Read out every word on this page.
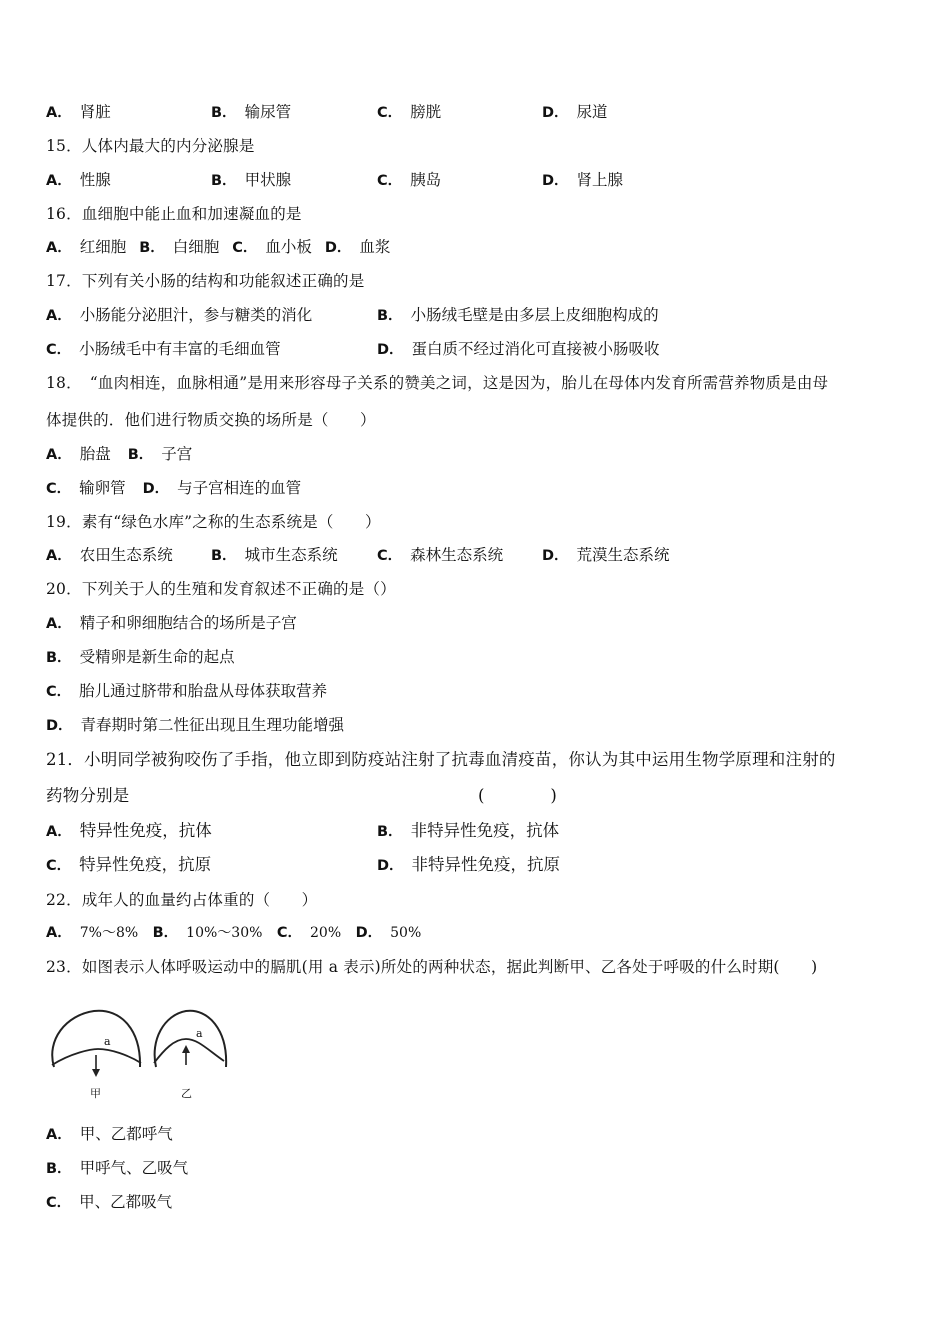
A． 肾脏	B． 输尿管	C． 膀胱	D． 尿道
15．人体内最大的内分泌腺是
A． 性腺	B． 甲状腺	C． 胰岛	D． 肾上腺
16．血细胞中能止血和加速凝血的是
A． 红细胞 B． 白细胞 C． 血小板 D． 血浆
17．下列有关小肠的结构和功能叙述正确的是
A． 小肠能分泌胆汁，参与糖类的消化	B． 小肠绒毛壁是由多层上皮细胞构成的
C． 小肠绒毛中有丰富的毛细血管	D． 蛋白质不经过消化可直接被小肠吸收
18．　“血肉相连，血脉相通”是用来形容母子关系的赞美之词，这是因为，胎儿在母体内发育所需营养物质是由母
体提供的．他们进行物质交换的场所是（　　）
A． 胎盘 B． 子宫
C． 输卵管 D． 与子宫相连的血管
19．素有“绿色水库”之称的生态系统是（　　）
A． 农田生态系统	B． 城市生态系统	C． 森林生态系统	D． 荒漠生态系统
20．下列关于人的生殖和发育叙述不正确的是（）
A． 精子和卵细胞结合的场所是子宫
B． 受精卵是新生命的起点
C． 胎儿通过脐带和胎盘从母体获取营养
D． 青春期时第二性征出现且生理功能增强
21．小明同学被狗咬伤了手指，他立即到防疫站注射了抗毒血清疫苗，你认为其中运用生物学原理和注射的
药物分别是	(　　　　)
A． 特异性免疫，抗体	B． 非特异性免疫，抗体
C． 特异性免疫，抗原	D． 非特异性免疫，抗原
22．成年人的血量约占体重的（　　）
A． 7%～8% B． 10%～30% C． 20% D． 50%
23．如图表示人体呼吸运动中的膈肌(用 a 表示)所处的两种状态，据此判断甲、乙各处于呼吸的什么时期(　　)
a
a
甲	乙
A． 甲、乙都呼气
B． 甲呼气、乙吸气
C． 甲、乙都吸气
